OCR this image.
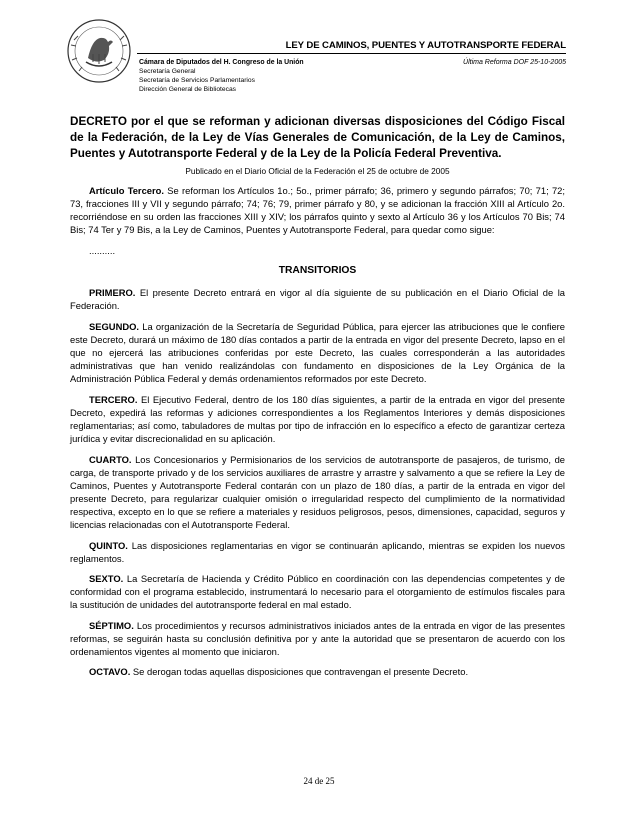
LEY DE CAMINOS, PUENTES Y AUTOTRANSPORTE FEDERAL
Cámara de Diputados del H. Congreso de la Unión
Secretaría General
Secretaría de Servicios Parlamentarios
Dirección General de Bibliotecas
Última Reforma DOF 25-10-2005
DECRETO por el que se reforman y adicionan diversas disposiciones del Código Fiscal de la Federación, de la Ley de Vías Generales de Comunicación, de la Ley de Caminos, Puentes y Autotransporte Federal y de la Ley de la Policía Federal Preventiva.
Publicado en el Diario Oficial de la Federación el 25 de octubre de 2005

Artículo Tercero. Se reforman los Artículos 1o.; 5o., primer párrafo; 36, primero y segundo párrafos; 70; 71; 72; 73, fracciones III y VII y segundo párrafo; 74; 76; 79, primer párrafo y 80, y se adicionan la fracción XIII al Artículo 2o. recorriéndose en su orden las fracciones XIII y XIV; los párrafos quinto y sexto al Artículo 36 y los Artículos 70 Bis; 74 Bis; 74 Ter y 79 Bis, a la Ley de Caminos, Puentes y Autotransporte Federal, para quedar como sigue:

..........

TRANSITORIOS

PRIMERO. El presente Decreto entrará en vigor al día siguiente de su publicación en el Diario Oficial de la Federación.

SEGUNDO. La organización de la Secretaría de Seguridad Pública, para ejercer las atribuciones que le confiere este Decreto, durará un máximo de 180 días contados a partir de la entrada en vigor del presente Decreto, lapso en el que no ejercerá las atribuciones conferidas por este Decreto, las cuales corresponderán a las autoridades administrativas que han venido realizándolas con fundamento en disposiciones de la Ley Orgánica de la Administración Pública Federal y demás ordenamientos reformados por este Decreto.

TERCERO. El Ejecutivo Federal, dentro de los 180 días siguientes, a partir de la entrada en vigor del presente Decreto, expedirá las reformas y adiciones correspondientes a los Reglamentos Interiores y demás disposiciones reglamentarias; así como, tabuladores de multas por tipo de infracción en lo específico a efecto de garantizar certeza jurídica y evitar discrecionalidad en su aplicación.

CUARTO. Los Concesionarios y Permisionarios de los servicios de autotransporte de pasajeros, de turismo, de carga, de transporte privado y de los servicios auxiliares de arrastre y arrastre y salvamento a que se refiere la Ley de Caminos, Puentes y Autotransporte Federal contarán con un plazo de 180 días, a partir de la entrada en vigor del presente Decreto, para regularizar cualquier omisión o irregularidad respecto del cumplimiento de la normatividad respectiva, excepto en lo que se refiere a materiales y residuos peligrosos, pesos, dimensiones, capacidad, seguros y licencias relacionadas con el Autotransporte Federal.

QUINTO. Las disposiciones reglamentarias en vigor se continuarán aplicando, mientras se expiden los nuevos reglamentos.

SEXTO. La Secretaría de Hacienda y Crédito Público en coordinación con las dependencias competentes y de conformidad con el programa establecido, instrumentará lo necesario para el otorgamiento de estímulos fiscales para la sustitución de unidades del autotransporte federal en mal estado.

SÉPTIMO. Los procedimientos y recursos administrativos iniciados antes de la entrada en vigor de las presentes reformas, se seguirán hasta su conclusión definitiva por y ante la autoridad que se presentaron de acuerdo con los ordenamientos vigentes al momento que iniciaron.

OCTAVO. Se derogan todas aquellas disposiciones que contravengan el presente Decreto.

24 de 25
